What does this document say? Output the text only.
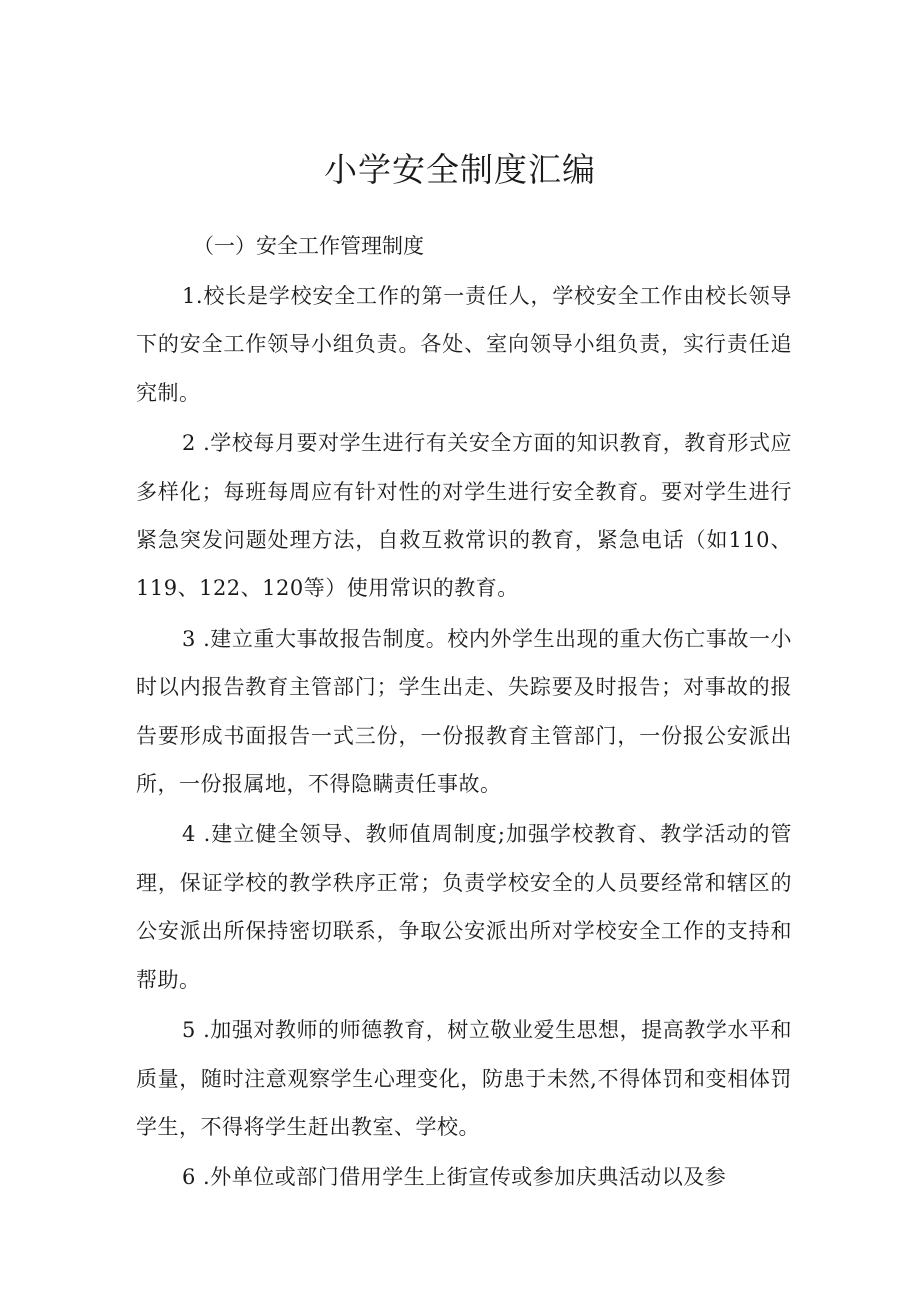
小学安全制度汇编

（一）安全工作管理制度

1.校长是学校安全工作的第一责任人，学校安全工作由校长领导下的安全工作领导小组负责。各处、室向领导小组负责，实行责任追究制。

2 .学校每月要对学生进行有关安全方面的知识教育，教育形式应多样化；每班每周应有针对性的对学生进行安全教育。要对学生进行紧急突发问题处理方法，自救互救常识的教育，紧急电话（如110、119、122、120等）使用常识的教育。

3 .建立重大事故报告制度。校内外学生出现的重大伤亡事故一小时以内报告教育主管部门；学生出走、失踪要及时报告；对事故的报告要形成书面报告一式三份，一份报教育主管部门，一份报公安派出所，一份报属地，不得隐瞒责任事故。

4 .建立健全领导、教师值周制度;加强学校教育、教学活动的管理，保证学校的教学秩序正常；负责学校安全的人员要经常和辖区的公安派出所保持密切联系，争取公安派出所对学校安全工作的支持和帮助。

5 .加强对教师的师德教育，树立敬业爱生思想，提高教学水平和质量，随时注意观察学生心理变化，防患于未然,不得体罚和变相体罚学生，不得将学生赶出教室、学校。

6 .外单位或部门借用学生上街宣传或参加庆典活动以及参
